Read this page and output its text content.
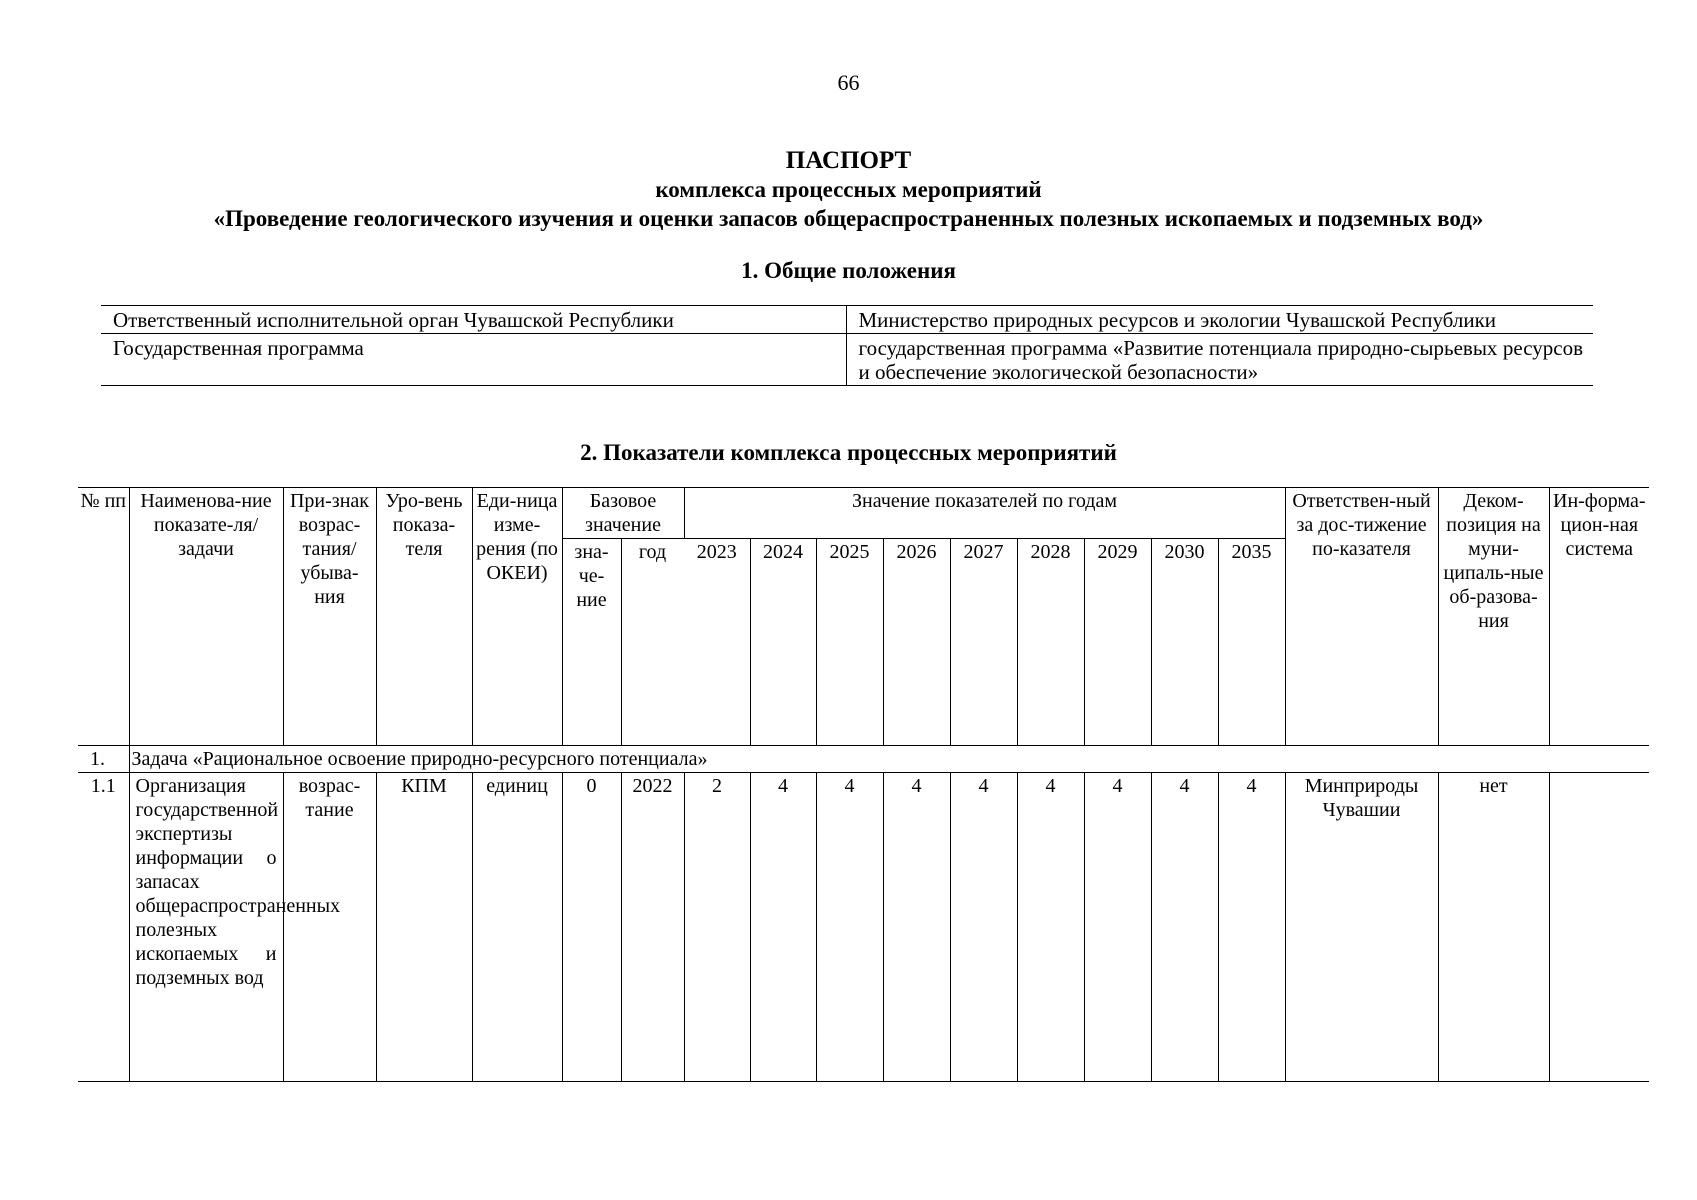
66
ПАСПОРТ
комплекса процессных мероприятий
«Проведение геологического изучения и оценки запасов общераспространенных полезных ископаемых и подземных вод»
1. Общие положения
Ответственный исполнительной орган Чувашской Республики	Министерство природных ресурсов и экологии Чувашской Республики
Государственная программа	государственная программа «Развитие потенциала природно-сырьевых ресурсов и обеспечение экологической безопасности»
2. Показатели комплекса процессных мероприятий
№ пп	Наименова-ние показате-ля/задачи	При-знак возрас-тания/ убыва-ния	Уро-вень показа-теля	Еди-ница изме-рения (по ОКЕИ)	Базовое значение		Значение показателей по годам									Ответствен-ный за дос-тижение по-казателя	Деком-позиция на муни-ципаль-ные об-разова-ния	Ин-форма-цион-ная система
					зна-че-ние	год												
							2023	2024	2025	2026	2027	2028	2029	2030	2035			
1.	Задача «Рациональное освоение природно-ресурсного потенциала»																	
1.1	Организация государственной экспертизы информации о запасах общераспространенных полезных ископаемых и подземных вод	возрас-тание	КПМ	единиц	0	2022	2	4	4	4	4	4	4	4	4	Минприроды Чувашии	нет	
